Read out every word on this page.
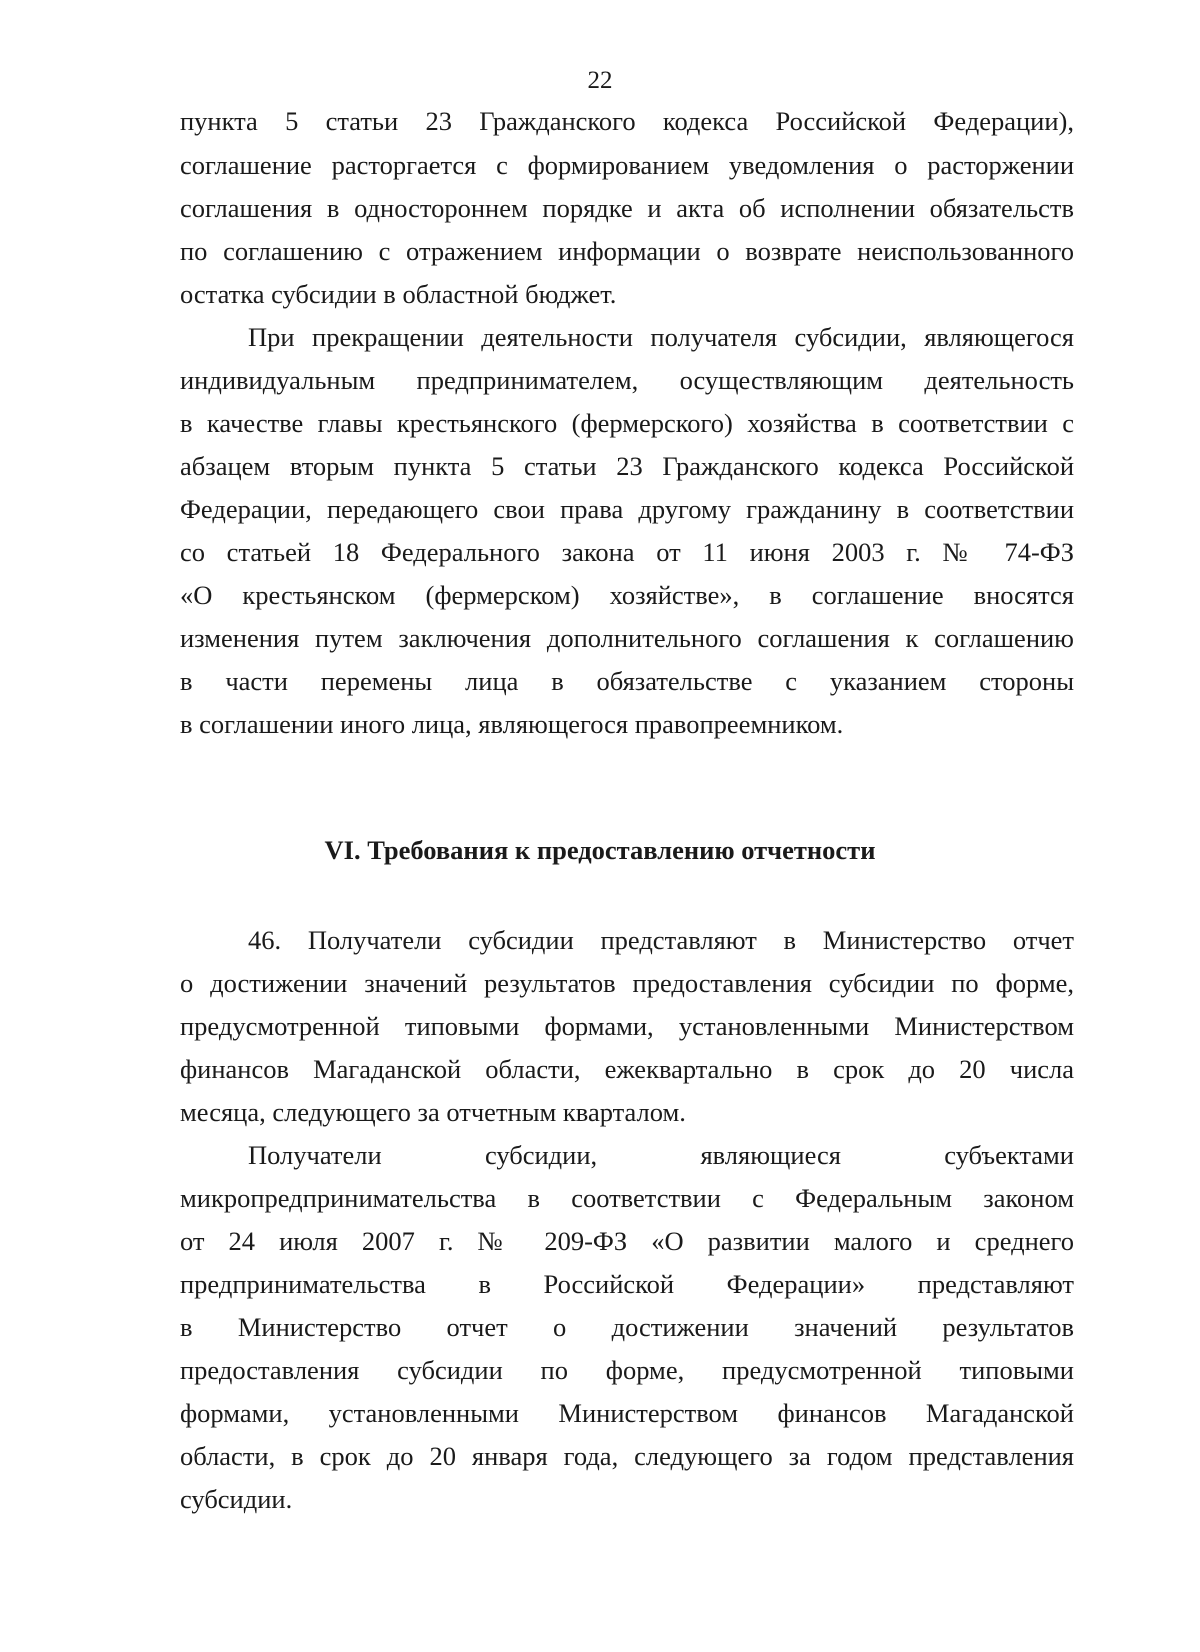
22
пункта 5 статьи 23 Гражданского кодекса Российской Федерации),
соглашение расторгается с формированием уведомления о расторжении
соглашения в одностороннем порядке и акта об исполнении обязательств
по соглашению с отражением информации о возврате неиспользованного
остатка субсидии в областной бюджет.
При прекращении деятельности получателя субсидии, являющегося
индивидуальным предпринимателем, осуществляющим деятельность
в качестве главы крестьянского (фермерского) хозяйства в соответствии с
абзацем вторым пункта 5 статьи 23 Гражданского кодекса Российской
Федерации, передающего свои права другому гражданину в соответствии
со статьей 18 Федерального закона от 11 июня 2003 г. № 74-ФЗ
«О крестьянском (фермерском) хозяйстве», в соглашение вносятся
изменения путем заключения дополнительного соглашения к соглашению
в части перемены лица в обязательстве с указанием стороны
в соглашении иного лица, являющегося правопреемником.
VI. Требования к предоставлению отчетности
46. Получатели субсидии представляют в Министерство отчет
о достижении значений результатов предоставления субсидии по форме,
предусмотренной типовыми формами, установленными Министерством
финансов Магаданской области, ежеквартально в срок до 20 числа
месяца, следующего за отчетным кварталом.
Получатели субсидии, являющиеся субъектами
микропредпринимательства в соответствии с Федеральным законом
от 24 июля 2007 г. № 209-ФЗ «О развитии малого и среднего
предпринимательства в Российской Федерации» представляют
в Министерство отчет о достижении значений результатов
предоставления субсидии по форме, предусмотренной типовыми
формами, установленными Министерством финансов Магаданской
области, в срок до 20 января года, следующего за годом представления
субсидии.
